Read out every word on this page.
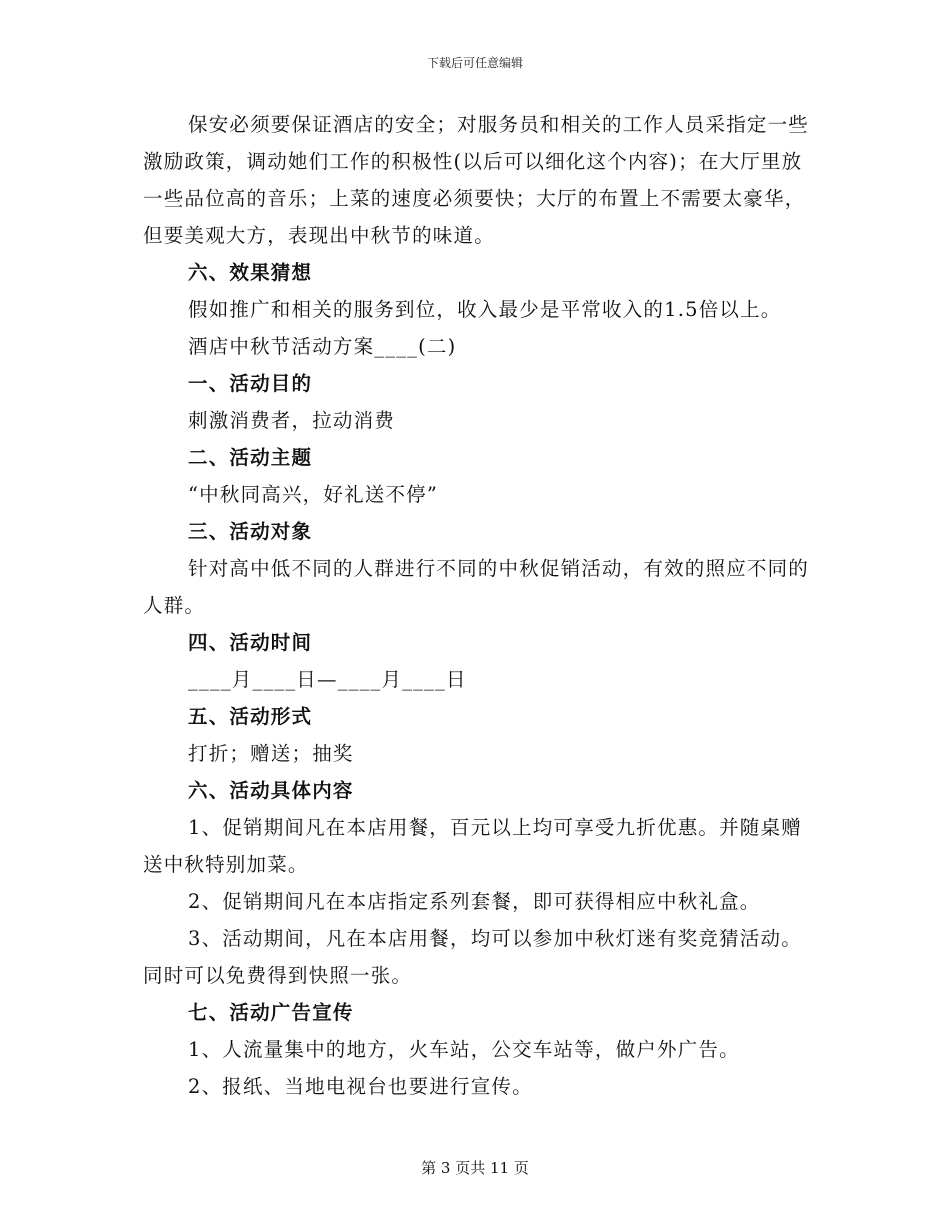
下载后可任意编辑

保安必须要保证酒店的安全；对服务员和相关的工作人员采指定一些激励政策，调动她们工作的积极性(以后可以细化这个内容)；在大厅里放一些品位高的音乐；上菜的速度必须要快；大厅的布置上不需要太豪华，但要美观大方，表现出中秋节的味道。

六、效果猜想

假如推广和相关的服务到位，收入最少是平常收入的1.5倍以上。

酒店中秋节活动方案____(二)

一、活动目的

刺激消费者，拉动消费

二、活动主题

“中秋同高兴，好礼送不停”

三、活动对象

针对高中低不同的人群进行不同的中秋促销活动，有效的照应不同的人群。

四、活动时间

____月____日—____月____日

五、活动形式

打折；赠送；抽奖

六、活动具体内容

1、促销期间凡在本店用餐，百元以上均可享受九折优惠。并随桌赠送中秋特别加菜。

2、促销期间凡在本店指定系列套餐，即可获得相应中秋礼盒。

3、活动期间，凡在本店用餐，均可以参加中秋灯迷有奖竞猜活动。同时可以免费得到快照一张。

七、活动广告宣传

1、人流量集中的地方，火车站，公交车站等，做户外广告。

2、报纸、当地电视台也要进行宣传。

第 3 页共 11 页
